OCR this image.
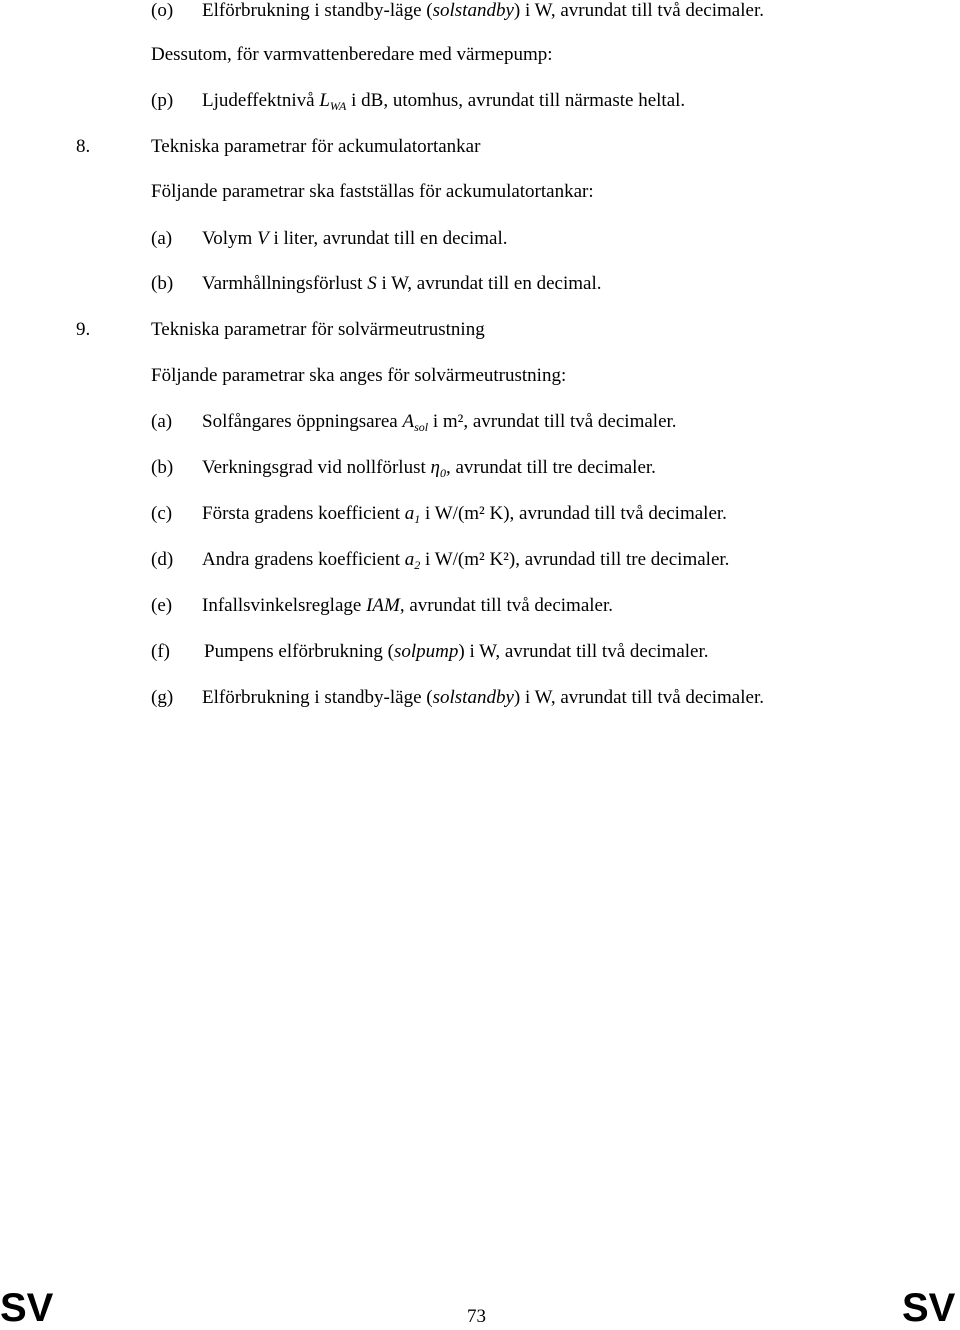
(o) Elförbrukning i standby-läge (solstandby) i W, avrundat till två decimaler.
Dessutom, för varmvattenberedare med värmepump:
(p) Ljudeffektnivå $L_{WA}$ i dB, utomhus, avrundat till närmaste heltal.
8.	Tekniska parametrar för ackumulatortankar
Följande parametrar ska fastställas för ackumulatortankar:
(a) Volym V i liter, avrundat till en decimal.
(b) Varmhållningsförlust S i W, avrundat till en decimal.
9.	Tekniska parametrar för solvärmeutrustning
Följande parametrar ska anges för solvärmeutrustning:
(a) Solfångares öppningsarea $A_{sol}$ i m², avrundat till två decimaler.
(b) Verkningsgrad vid nollförlust $\eta_0$, avrundat till tre decimaler.
(c) Första gradens koefficient $a_1$ i W/(m² K), avrundad till två decimaler.
(d) Andra gradens koefficient $a_2$ i W/(m² K²), avrundad till tre decimaler.
(e) Infallsvinkelsreglage IAM, avrundat till två decimaler.
(f) Pumpens elförbrukning (solpump) i W, avrundat till två decimaler.
(g) Elförbrukning i standby-läge (solstandby) i W, avrundat till två decimaler.
SV	73	SV
